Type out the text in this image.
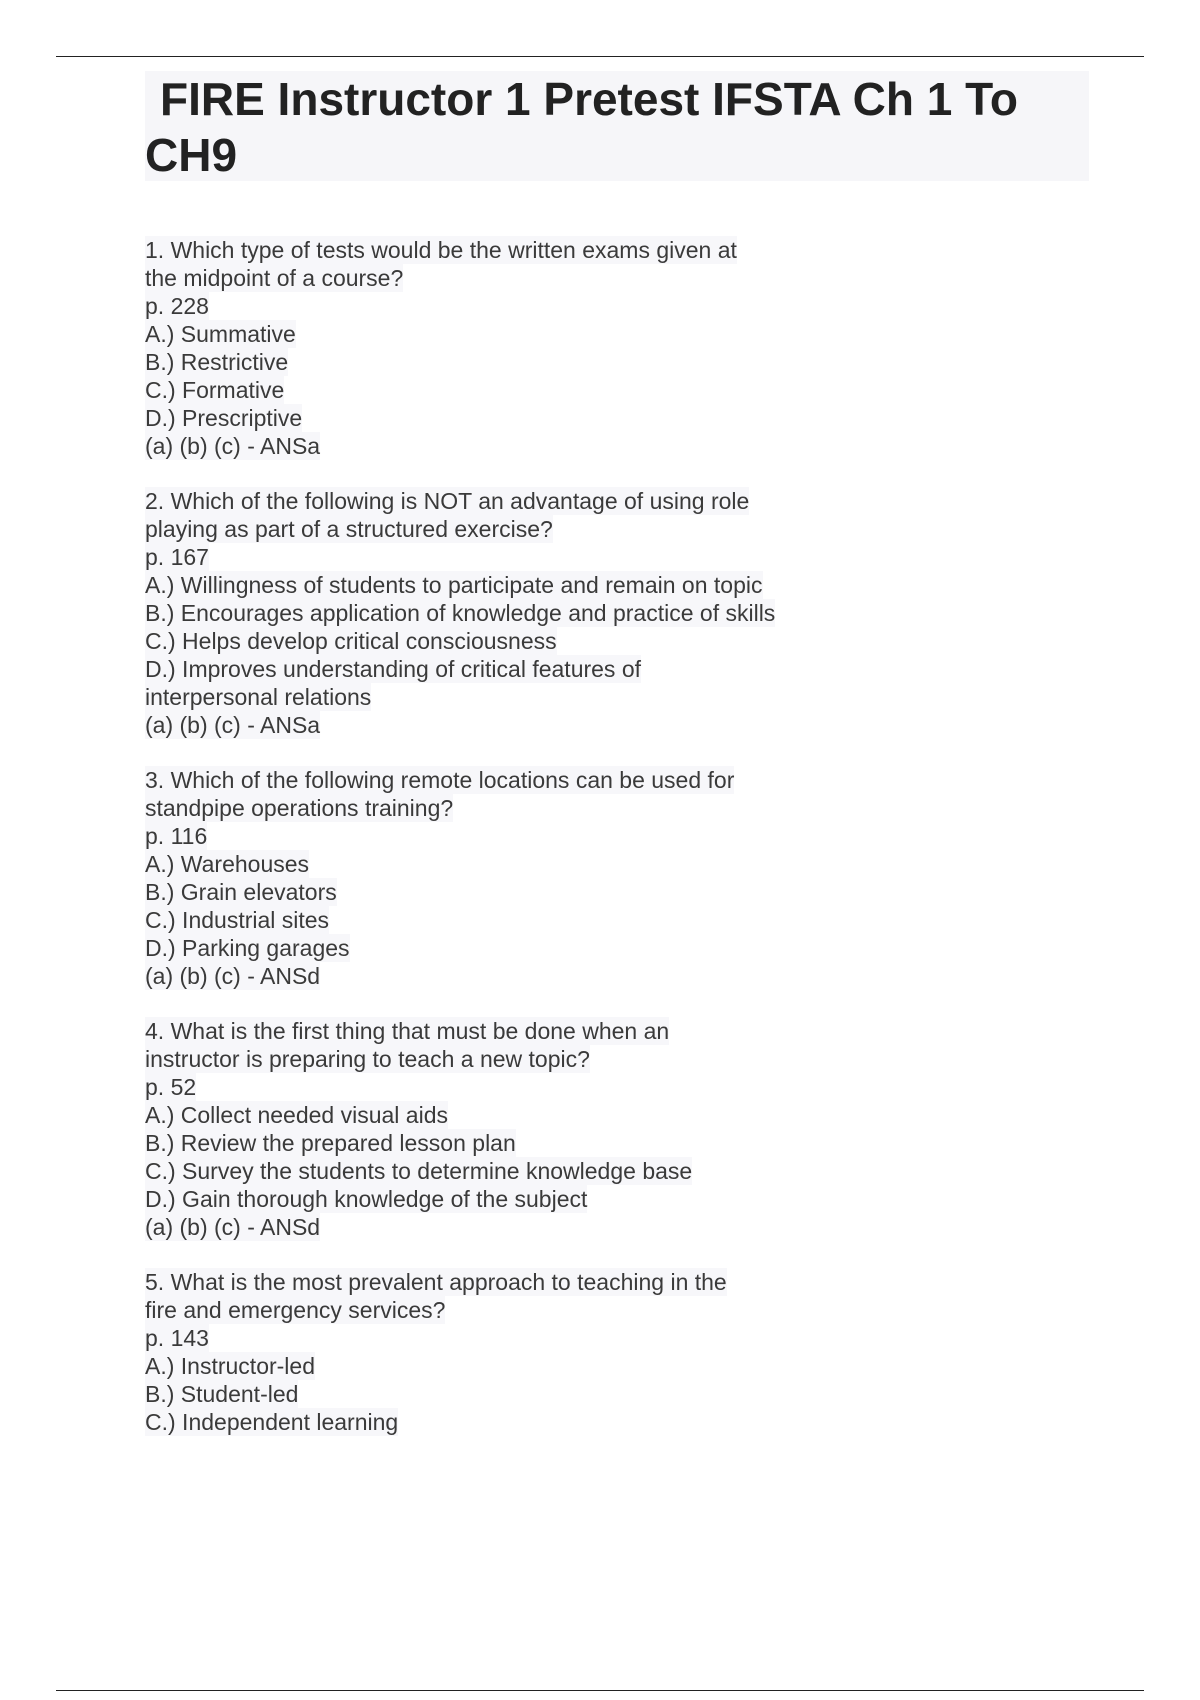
FIRE Instructor 1 Pretest IFSTA Ch 1 To CH9
1. Which type of tests would be the written exams given at
the midpoint of a course?
p. 228
A.) Summative
B.) Restrictive
C.) Formative
D.) Prescriptive
(a) (b) (c) - ANSa
2. Which of the following is NOT an advantage of using role
playing as part of a structured exercise?
p. 167
A.) Willingness of students to participate and remain on topic
B.) Encourages application of knowledge and practice of skills
C.) Helps develop critical consciousness
D.) Improves understanding of critical features of
interpersonal relations
(a) (b) (c) - ANSa
3. Which of the following remote locations can be used for
standpipe operations training?
p. 116
A.) Warehouses
B.) Grain elevators
C.) Industrial sites
D.) Parking garages
(a) (b) (c) - ANSd
4. What is the first thing that must be done when an
instructor is preparing to teach a new topic?
p. 52
A.) Collect needed visual aids
B.) Review the prepared lesson plan
C.) Survey the students to determine knowledge base
D.) Gain thorough knowledge of the subject
(a) (b) (c) - ANSd
5. What is the most prevalent approach to teaching in the
fire and emergency services?
p. 143
A.) Instructor-led
B.) Student-led
C.) Independent learning
